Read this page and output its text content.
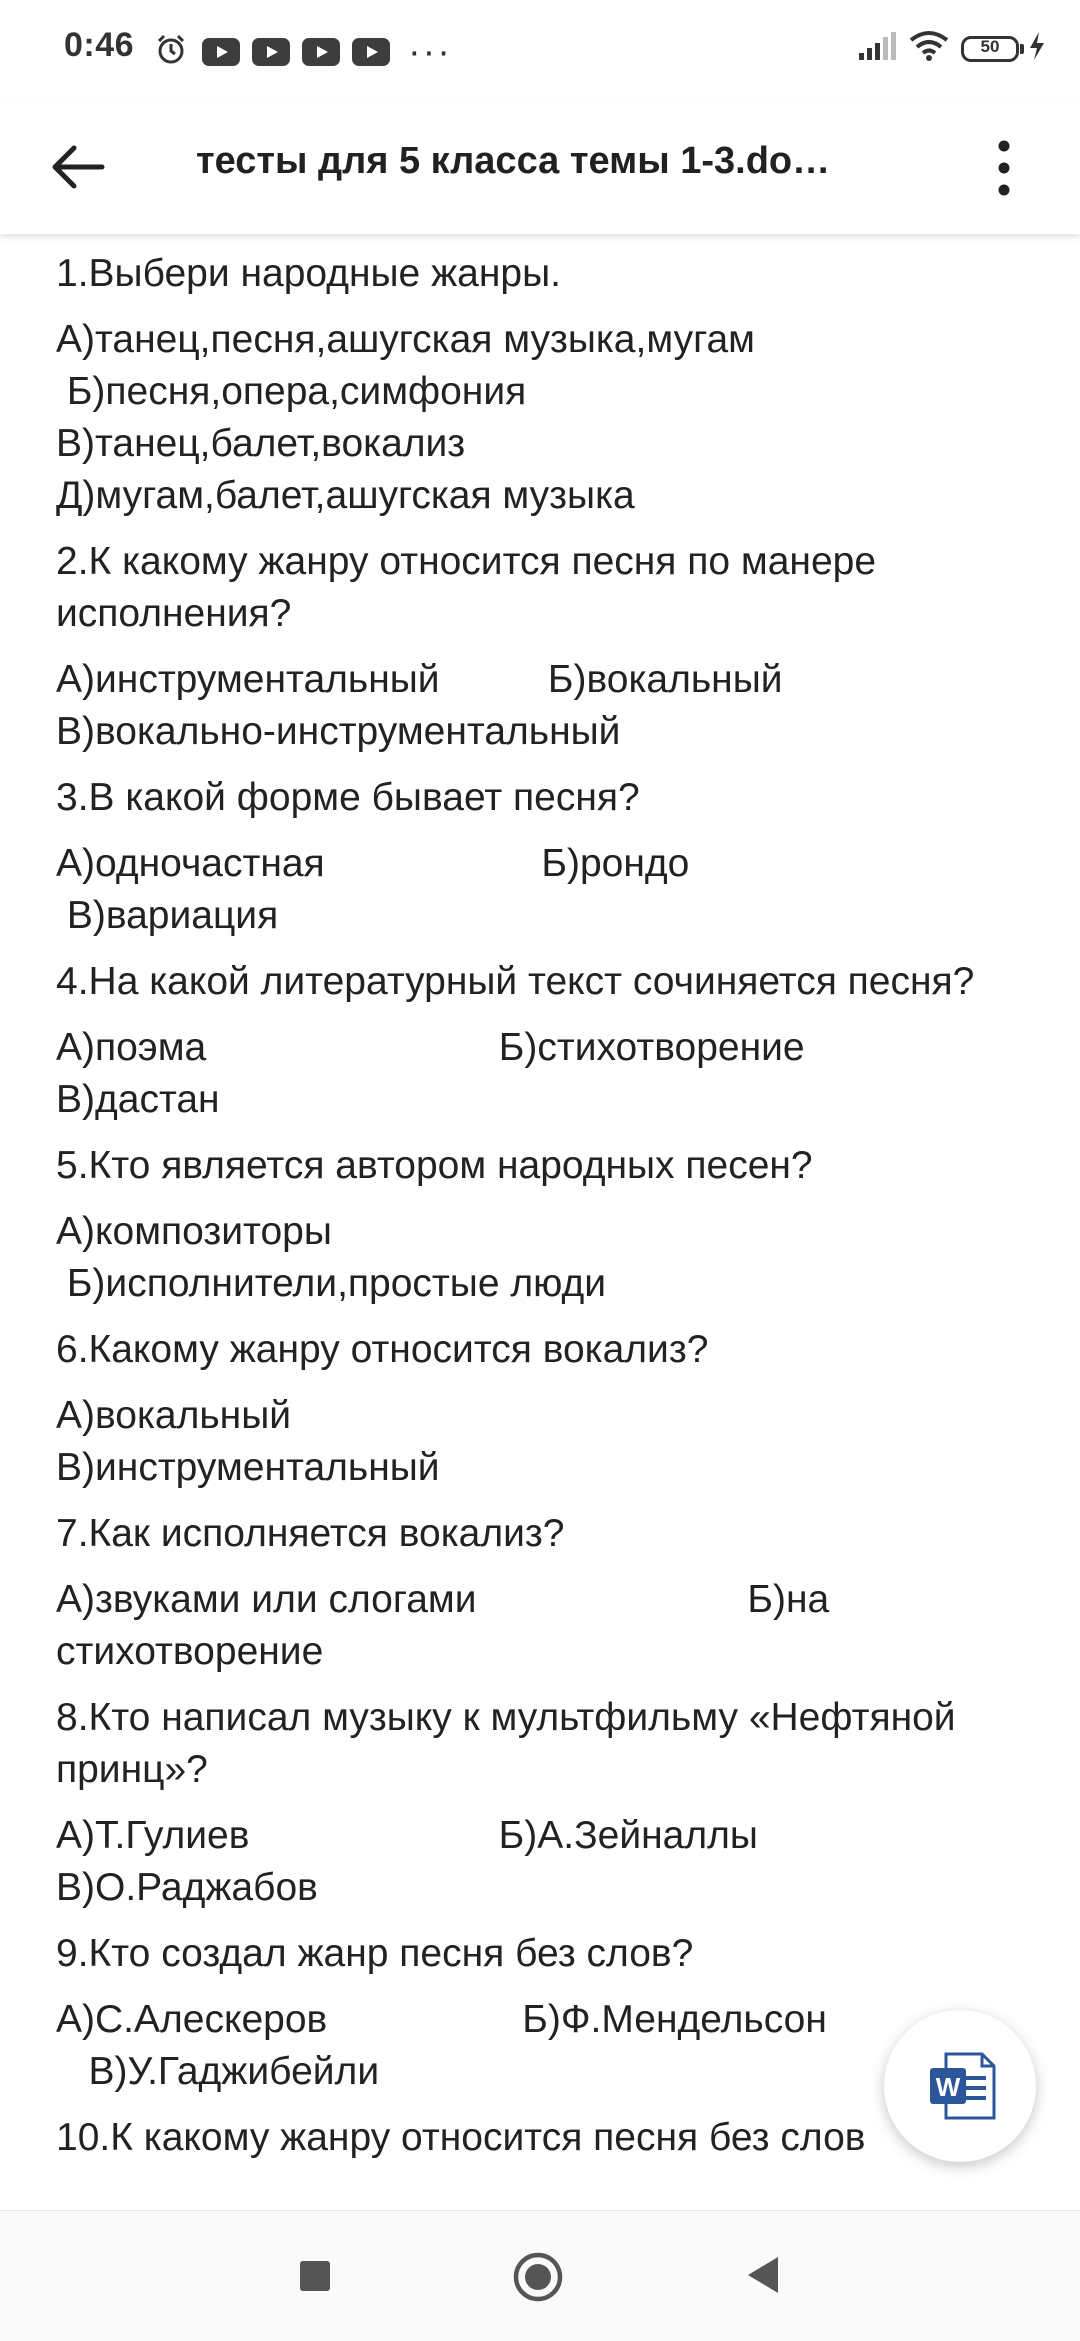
0:46	···	50
тесты для 5 класса темы 1-3.do…
1.Выбери народные жанры.
А)танец,песня,ашугская музыка,мугам
Б)песня,опера,симфония
В)танец,балет,вокализ
Д)мугам,балет,ашугская музыка
2.К какому жанру относится песня по манере исполнения?
А)инструментальный          Б)вокальный
В)вокально-инструментальный
3.В какой форме бывает песня?
А)одночастная                    Б)рондо
В)вариация
4.На какой литературный текст сочиняется песня?
А)поэма                           Б)стихотворение
В)дастан
5.Кто является автором народных песен?
А)композиторы
Б)исполнители,простые люди
6.Какому жанру относится вокализ?
А)вокальный
В)инструментальный
7.Как исполняется вокализ?
А)звуками или слогами                         Б)на
стихотворение
8.Кто написал музыку к мультфильму «Нефтяной принц»?
А)Т.Гулиев                       Б)А.Зейналлы
В)О.Раджабов
9.Кто создал жанр песня без слов?
А)С.Алескеров                  Б)Ф.Мендельсон
В)У.Гаджибейли
10.К какому жанру относится песня без слов
W
